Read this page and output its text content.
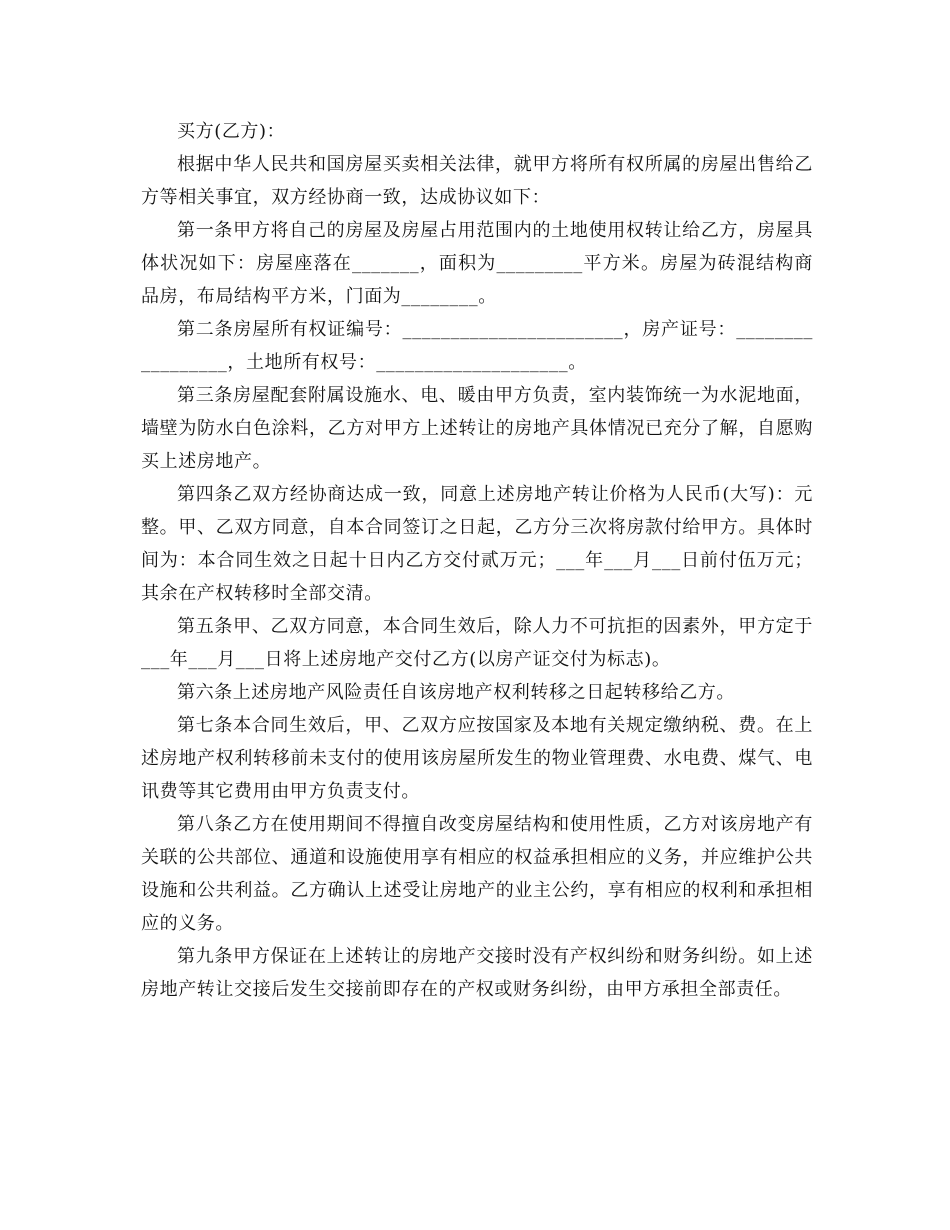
买方(乙方)：

根据中华人民共和国房屋买卖相关法律，就甲方将所有权所属的房屋出售给乙方等相关事宜，双方经协商一致，达成协议如下：

第一条甲方将自己的房屋及房屋占用范围内的土地使用权转让给乙方，房屋具体状况如下：房屋座落在_______，面积为_________平方米。房屋为砖混结构商品房，布局结构平方米，门面为________。

第二条房屋所有权证编号：_______________________，房产证号：_________________，土地所有权号：____________________。

第三条房屋配套附属设施水、电、暖由甲方负责，室内装饰统一为水泥地面，墙壁为防水白色涂料，乙方对甲方上述转让的房地产具体情况已充分了解，自愿购买上述房地产。

第四条乙双方经协商达成一致，同意上述房地产转让价格为人民币(大写)：元整。甲、乙双方同意，自本合同签订之日起，乙方分三次将房款付给甲方。具体时间为：本合同生效之日起十日内乙方交付贰万元；___年___月___日前付伍万元；其余在产权转移时全部交清。

第五条甲、乙双方同意，本合同生效后，除人力不可抗拒的因素外，甲方定于___年___月___日将上述房地产交付乙方(以房产证交付为标志)。

第六条上述房地产风险责任自该房地产权利转移之日起转移给乙方。

第七条本合同生效后，甲、乙双方应按国家及本地有关规定缴纳税、费。在上述房地产权利转移前未支付的使用该房屋所发生的物业管理费、水电费、煤气、电讯费等其它费用由甲方负责支付。

第八条乙方在使用期间不得擅自改变房屋结构和使用性质，乙方对该房地产有关联的公共部位、通道和设施使用享有相应的权益承担相应的义务，并应维护公共设施和公共利益。乙方确认上述受让房地产的业主公约，享有相应的权利和承担相应的义务。

第九条甲方保证在上述转让的房地产交接时没有产权纠纷和财务纠纷。如上述房地产转让交接后发生交接前即存在的产权或财务纠纷，由甲方承担全部责任。
